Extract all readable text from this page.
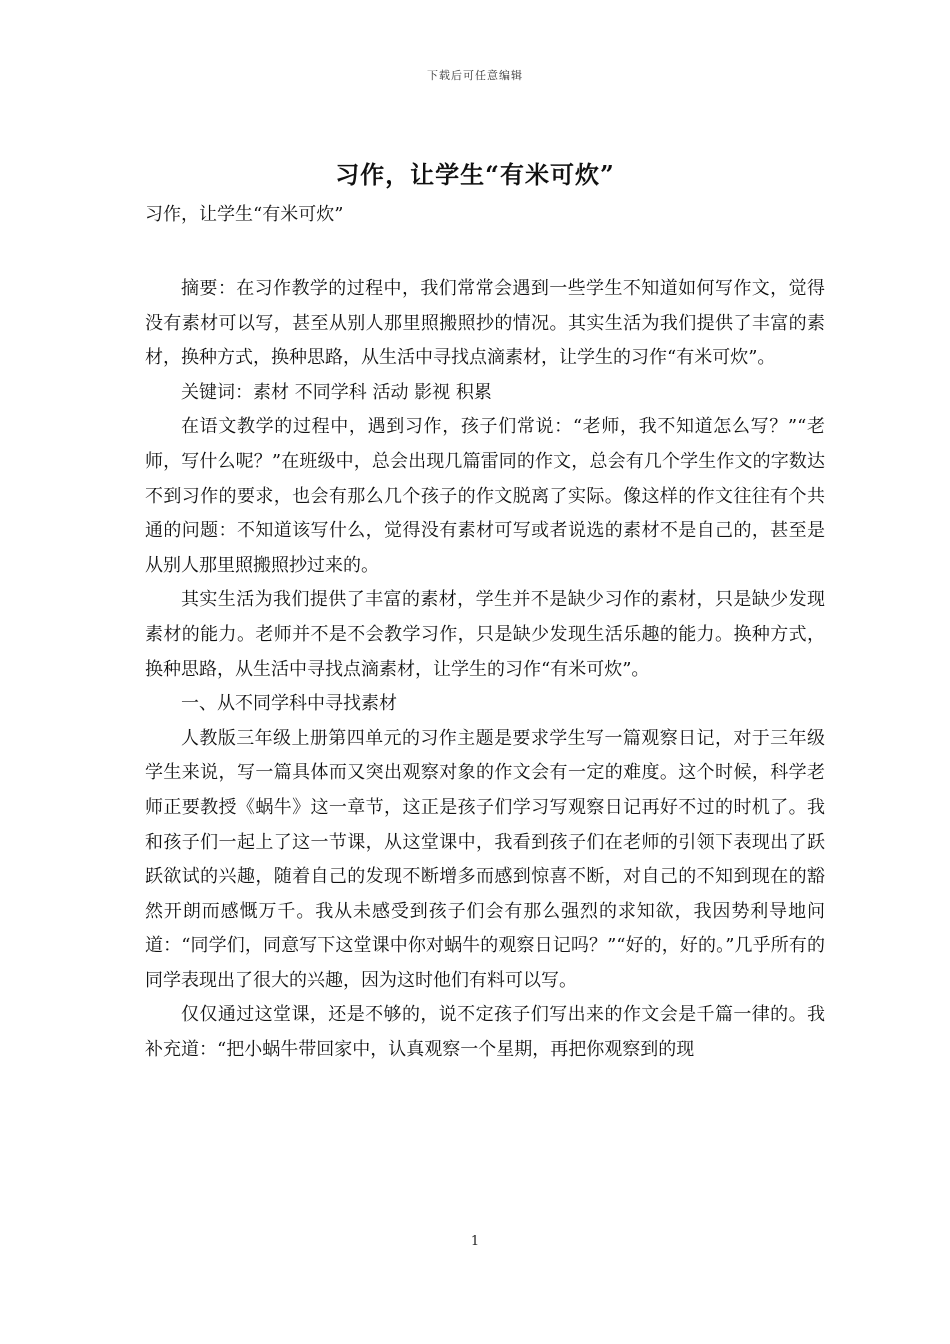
下载后可任意编辑
习作，让学生“有米可炊”
习作，让学生“有米可炊”

摘要：在习作教学的过程中，我们常常会遇到一些学生不知道如何写作文，觉得没有素材可以写，甚至从别人那里照搬照抄的情况。其实生活为我们提供了丰富的素材，换种方式，换种思路，从生活中寻找点滴素材，让学生的习作“有米可炊”。

关键词：素材 不同学科 活动 影视 积累

在语文教学的过程中，遇到习作，孩子们常说：“老师，我不知道怎么写？”“老师，写什么呢？”在班级中，总会出现几篇雷同的作文，总会有几个学生作文的字数达不到习作的要求，也会有那么几个孩子的作文脱离了实际。像这样的作文往往有个共通的问题：不知道该写什么，觉得没有素材可写或者说选的素材不是自己的，甚至是从别人那里照搬照抄过来的。

其实生活为我们提供了丰富的素材，学生并不是缺少习作的素材，只是缺少发现素材的能力。老师并不是不会教学习作，只是缺少发现生活乐趣的能力。换种方式，换种思路，从生活中寻找点滴素材，让学生的习作“有米可炊”。

一、从不同学科中寻找素材

人教版三年级上册第四单元的习作主题是要求学生写一篇观察日记，对于三年级学生来说，写一篇具体而又突出观察对象的作文会有一定的难度。这个时候，科学老师正要教授《蜗牛》这一章节，这正是孩子们学习写观察日记再好不过的时机了。我和孩子们一起上了这一节课，从这堂课中，我看到孩子们在老师的引领下表现出了跃跃欲试的兴趣，随着自己的发现不断增多而感到惊喜不断，对自己的不知到现在的豁然开朗而感慨万千。我从未感受到孩子们会有那么强烈的求知欲，我因势利导地问道：“同学们，同意写下这堂课中你对蜗牛的观察日记吗？”“好的，好的。”几乎所有的同学表现出了很大的兴趣，因为这时他们有料可以写。

仅仅通过这堂课，还是不够的，说不定孩子们写出来的作文会是千篇一律的。我补充道：“把小蜗牛带回家中，认真观察一个星期，再把你观察到的现

1
